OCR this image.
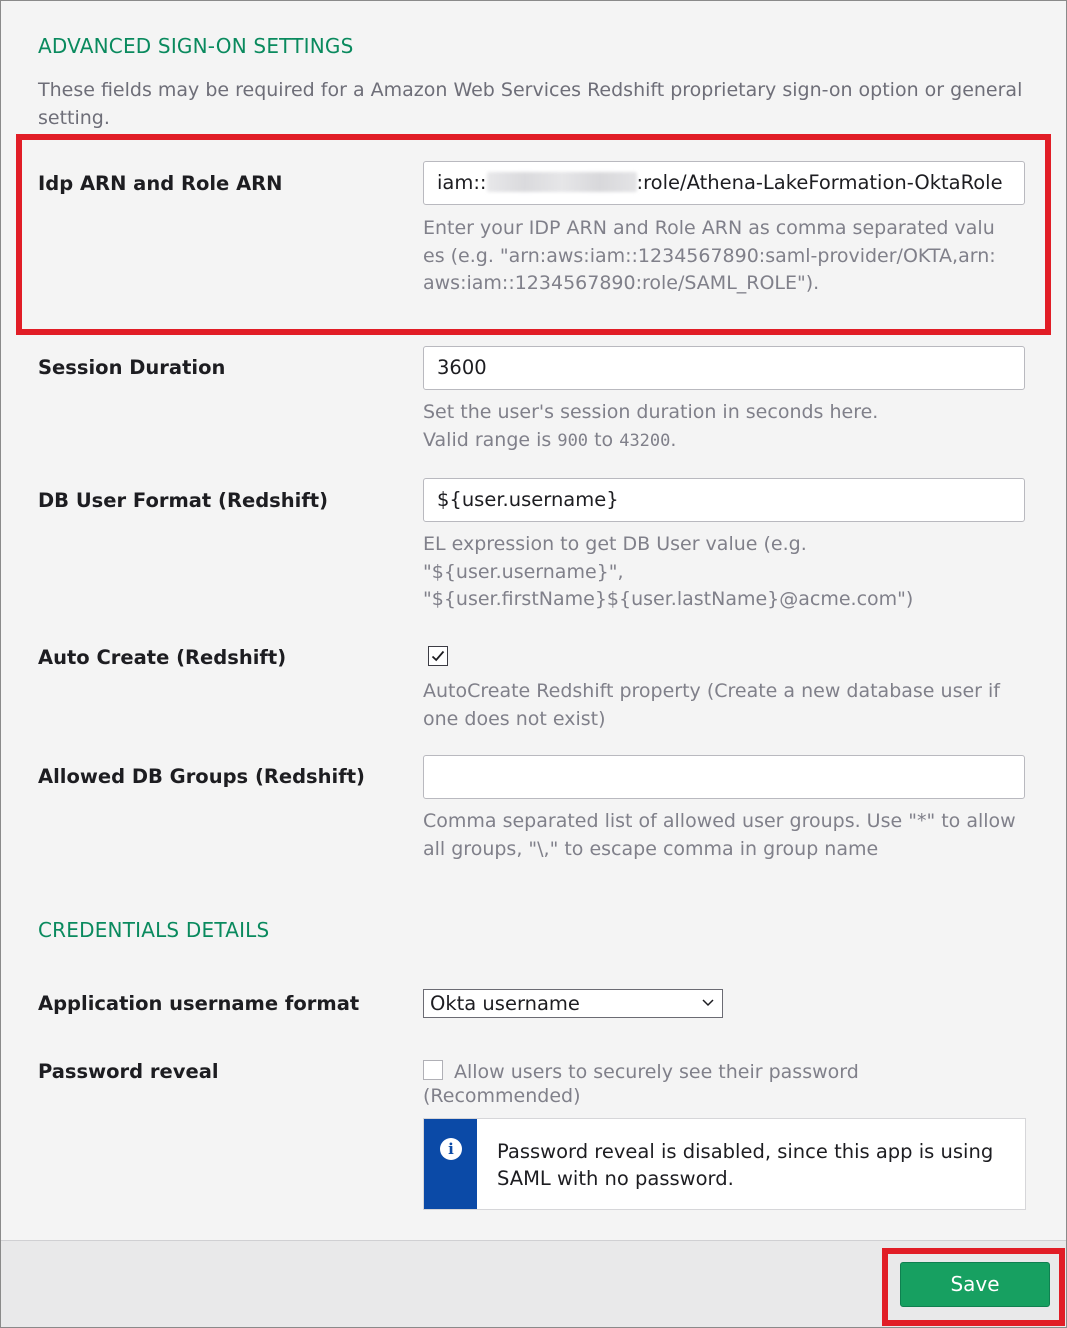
ADVANCED SIGN-ON SETTINGS
These fields may be required for a Amazon Web Services Redshift proprietary sign-on option or general setting.
Idp ARN and Role ARN	iam::	:role/Athena-LakeFormation-OktaRole
Enter your IDP ARN and Role ARN as comma separated values (e.g. "arn:aws:iam::1234567890:saml-provider/OKTA,arn:aws:iam::1234567890:role/SAML_ROLE").
Session Duration	3600
Set the user's session duration in seconds here.
Valid range is 900 to 43200.
DB User Format (Redshift)	${user.username}
EL expression to get DB User value (e.g.
"${user.username}",
"${user.firstName}${user.lastName}@acme.com")
Auto Create (Redshift)
AutoCreate Redshift property (Create a new database user if one does not exist)
Allowed DB Groups (Redshift)
Comma separated list of allowed user groups. Use "*" to allow all groups, "\," to escape comma in group name
CREDENTIALS DETAILS
Application username format	Okta username
Password reveal	Allow users to securely see their password
(Recommended)
i	Password reveal is disabled, since this app is using SAML with no password.
Save
